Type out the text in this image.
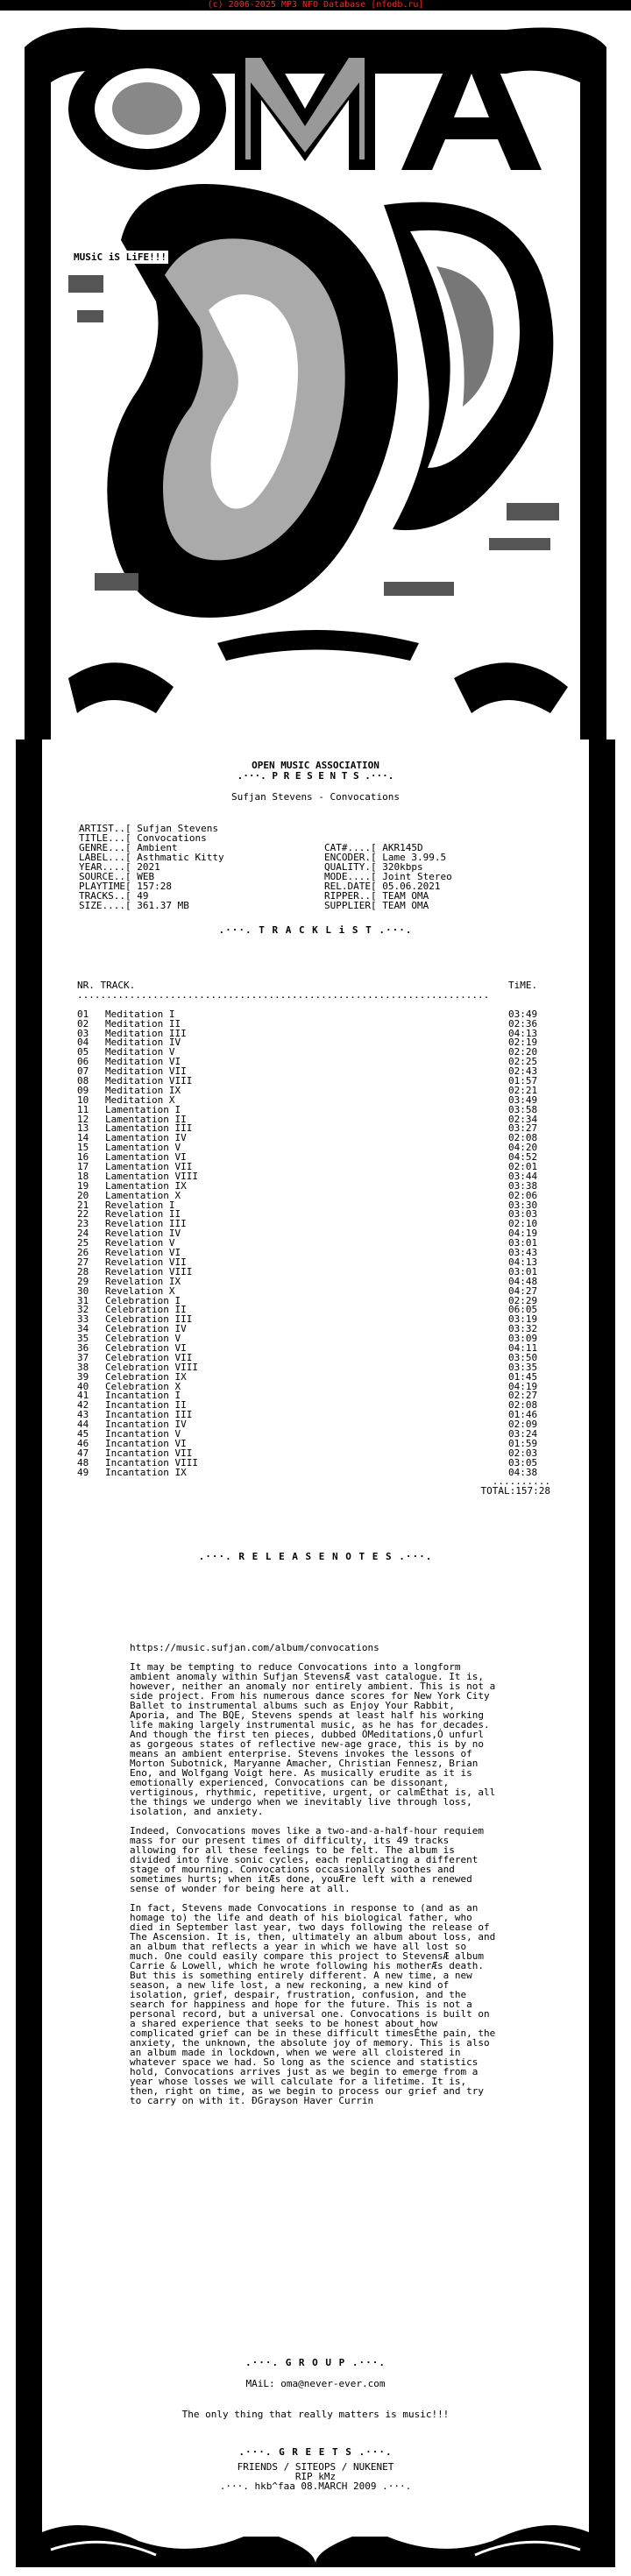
(c) 2006-2025 MP3 NFO Database [nfodb.ru]
MUSiC iS LiFE!!!
OPEN MUSIC ASSOCIATION
.···. P R E S E N T S .···.
Sufjan Stevens - Convocations
ARTIST..[ Sufjan Stevens
TITLE...[ Convocations
GENRE...[ Ambient
LABEL...[ Asthmatic Kitty
YEAR....[ 2021
SOURCE..[ WEB
PLAYTIME[ 157:28
TRACKS..[ 49
SIZE....[ 361.37 MB

CAT#....[ AKR145D
ENCODER.[ Lame 3.99.5
QUALITY.[ 320kbps
MODE....[ Joint Stereo
REL.DATE[ 05.06.2021
RIPPER..[ TEAM OMA
SUPPLIER[ TEAM OMA
.···. T R A C K L i S T .···.
NR. TRACK.	TiME.
.......................................................................
01	Meditation I	03:49
02	Meditation II	02:36
03	Meditation III	04:13
04	Meditation IV	02:19
05	Meditation V	02:20
06	Meditation VI	02:25
07	Meditation VII	02:43
08	Meditation VIII	01:57
09	Meditation IX	02:21
10	Meditation X	03:49
11	Lamentation I	03:58
12	Lamentation II	02:34
13	Lamentation III	03:27
14	Lamentation IV	02:08
15	Lamentation V	04:20
16	Lamentation VI	04:52
17	Lamentation VII	02:01
18	Lamentation VIII	03:44
19	Lamentation IX	03:38
20	Lamentation X	02:06
21	Revelation I	03:30
22	Revelation II	03:03
23	Revelation III	02:10
24	Revelation IV	04:19
25	Revelation V	03:01
26	Revelation VI	03:43
27	Revelation VII	04:13
28	Revelation VIII	03:01
29	Revelation IX	04:48
30	Revelation X	04:27
31	Celebration I	02:29
32	Celebration II	06:05
33	Celebration III	03:19
34	Celebration IV	03:32
35	Celebration V	03:09
36	Celebration VI	04:11
37	Celebration VII	03:50
38	Celebration VIII	03:35
39	Celebration IX	01:45
40	Celebration X	04:19
41	Incantation I	02:27
42	Incantation II	02:08
43	Incantation III	01:46
44	Incantation IV	02:09
45	Incantation V	03:24
46	Incantation VI	01:59
47	Incantation VII	02:03
48	Incantation VIII	03:05
49	Incantation IX	04:38
..........
TOTAL:157:28
.···. R E L E A S E N O T E S .···.

https://music.sufjan.com/album/convocations

It may be tempting to reduce Convocations into a longform ambient anomaly within Sufjan StevensÆ vast catalogue. It is, however, neither an anomaly nor entirely ambient. This is not a side project. From his numerous dance scores for New York City Ballet to instrumental albums such as Enjoy Your Rabbit, Aporia, and The BQE, Stevens spends at least half his working life making largely instrumental music, as he has for decades. And though the first ten pieces, dubbed ÓMeditations,Ó unfurl as gorgeous states of reflective new-age grace, this is by no means an ambient enterprise. Stevens invokes the lessons of Morton Subotnick, Maryanne Amacher, Christian Fennesz, Brian Eno, and Wolfgang Voigt here. As musically erudite as it is emotionally experienced, Convocations can be dissonant, vertiginous, rhythmic, repetitive, urgent, or calmÉthat is, all the things we undergo when we inevitably live through loss, isolation, and anxiety.

Indeed, Convocations moves like a two-and-a-half-hour requiem mass for our present times of difficulty, its 49 tracks allowing for all these feelings to be felt. The album is divided into five sonic cycles, each replicating a different stage of mourning. Convocations occasionally soothes and sometimes hurts; when itÆs done, youÆre left with a renewed sense of wonder for being here at all.

In fact, Stevens made Convocations in response to (and as an homage to) the life and death of his biological father, who died in September last year, two days following the release of The Ascension. It is, then, ultimately an album about loss, and an album that reflects a year in which we have all lost so much. One could easily compare this project to StevensÆ album Carrie & Lowell, which he wrote following his motherÆs death. But this is something entirely different. A new time, a new season, a new life lost, a new reckoning, a new kind of isolation, grief, despair, frustration, confusion, and the search for happiness and hope for the future. This is not a personal record, but a universal one. Convocations is built on a shared experience that seeks to be honest about how complicated grief can be in these difficult timesÉthe pain, the anxiety, the unknown, the absolute joy of memory. This is also an album made in lockdown, when we were all cloistered in whatever space we had. So long as the science and statistics hold, Convocations arrives just as we begin to emerge from a year whose losses we will calculate for a lifetime. It is, then, right on time, as we begin to process our grief and try to carry on with it. ÐGrayson Haver Currin

.···. G R O U P .···.
MAiL: oma@never-ever.com
The only thing that really matters is music!!!
.···. G R E E T S .···.
FRIENDS / SITEOPS / NUKENET
RIP kMz
.···. hkb^faa 08.MARCH 2009 .···.
